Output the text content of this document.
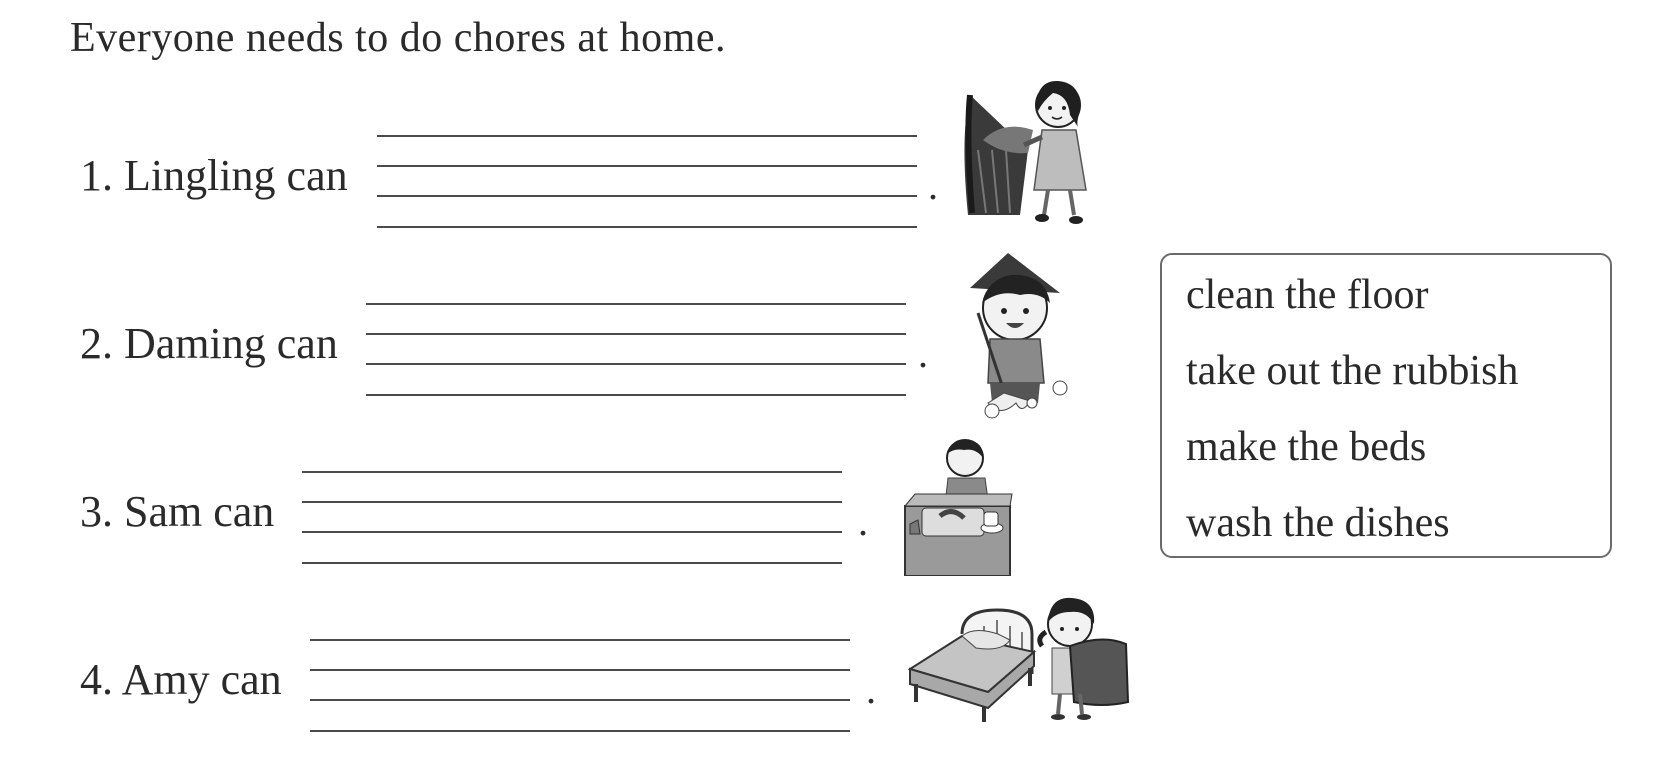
Everyone needs to do chores at home.
1. Lingling can	.
2. Daming can	.
3. Sam can	.
4. Amy can	.
clean the floor
take out the rubbish
make the beds
wash the dishes
